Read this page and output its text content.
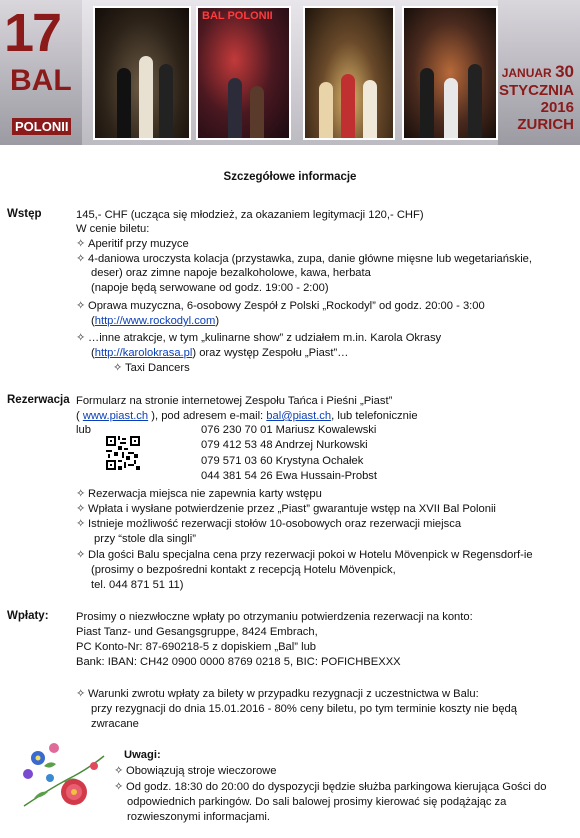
17
BAL
POLONII
BAL POLONII
JANUAR 30
STYCZNIA
2016
ZURICH
Szczegółowe informacje
Wstęp	145,- CHF (ucząca się młodzież, za okazaniem legitymacji 120,- CHF)
W cenie biletu:
✧ Aperitif przy muzyce
✧ 4-daniowa uroczysta kolacja (przystawka, zupa, danie główne mięsne lub wegetariańskie,
deser) oraz zimne napoje bezalkoholowe, kawa, herbata
(napoje będą serwowane od godz. 19:00 - 2:00)
✧ Oprawa muzyczna, 6-osobowy Zespół z Polski „Rockodyl” od godz. 20:00 - 3:00
(http://www.rockodyl.com)
✧ …inne atrakcje, w tym „kulinarne show” z udziałem m.in. Karola Okrasy
(http://karolokrasa.pl) oraz występ Zespołu „Piast”…
✧ Taxi Dancers
Rezerwacja Formularz na stronie internetowej Zespołu Tańca i Pieśni „Piast”
( www.piast.ch ), pod adresem e-mail: bal@piast.ch, lub telefonicznie
lub	076 230 70 01 Mariusz Kowalewski
079 412 53 48 Andrzej Nurkowski
079 571 03 60 Krystyna Ochałek
044 381 54 26 Ewa Hussain-Probst
✧ Rezerwacja miejsca nie zapewnia karty wstępu
✧ Wpłata i wysłane potwierdzenie przez „Piast” gwarantuje wstęp na XVII Bal Polonii
✧ Istnieje możliwość rezerwacji stołów 10-osobowych oraz rezerwacji miejsca
przy “stole dla singli”
✧ Dla gości Balu specjalna cena przy rezerwacji pokoi w Hotelu Mövenpick w Regensdorf-ie
(prosimy o bezpośredni kontakt z recepcją Hotelu Mövenpick,
tel. 044 871 51 11)
Wpłaty: Prosimy o niezwłoczne wpłaty po otrzymaniu potwierdzenia rezerwacji na konto:
Piast Tanz- und Gesangsgruppe, 8424 Embrach,
PC Konto-Nr: 87-690218-5 z dopiskiem „Bal” lub
Bank: IBAN: CH42 0900 0000 8769 0218 5, BIC: POFICHBEXXX
✧ Warunki zwrotu wpłaty za bilety w przypadku rezygnacji z uczestnictwa w Balu:
przy rezygnacji do dnia 15.01.2016 - 80% ceny biletu, po tym terminie koszty nie będą
zwracane
Uwagi:
✧ Obowiązują stroje wieczorowe
✧ Od godz. 18:30 do 20:00 do dyspozycji będzie służba parkingowa kierująca Gości do
odpowiednich parkingów. Do sali balowej prosimy kierować się podążając za
rozwieszonymi informacjami.
